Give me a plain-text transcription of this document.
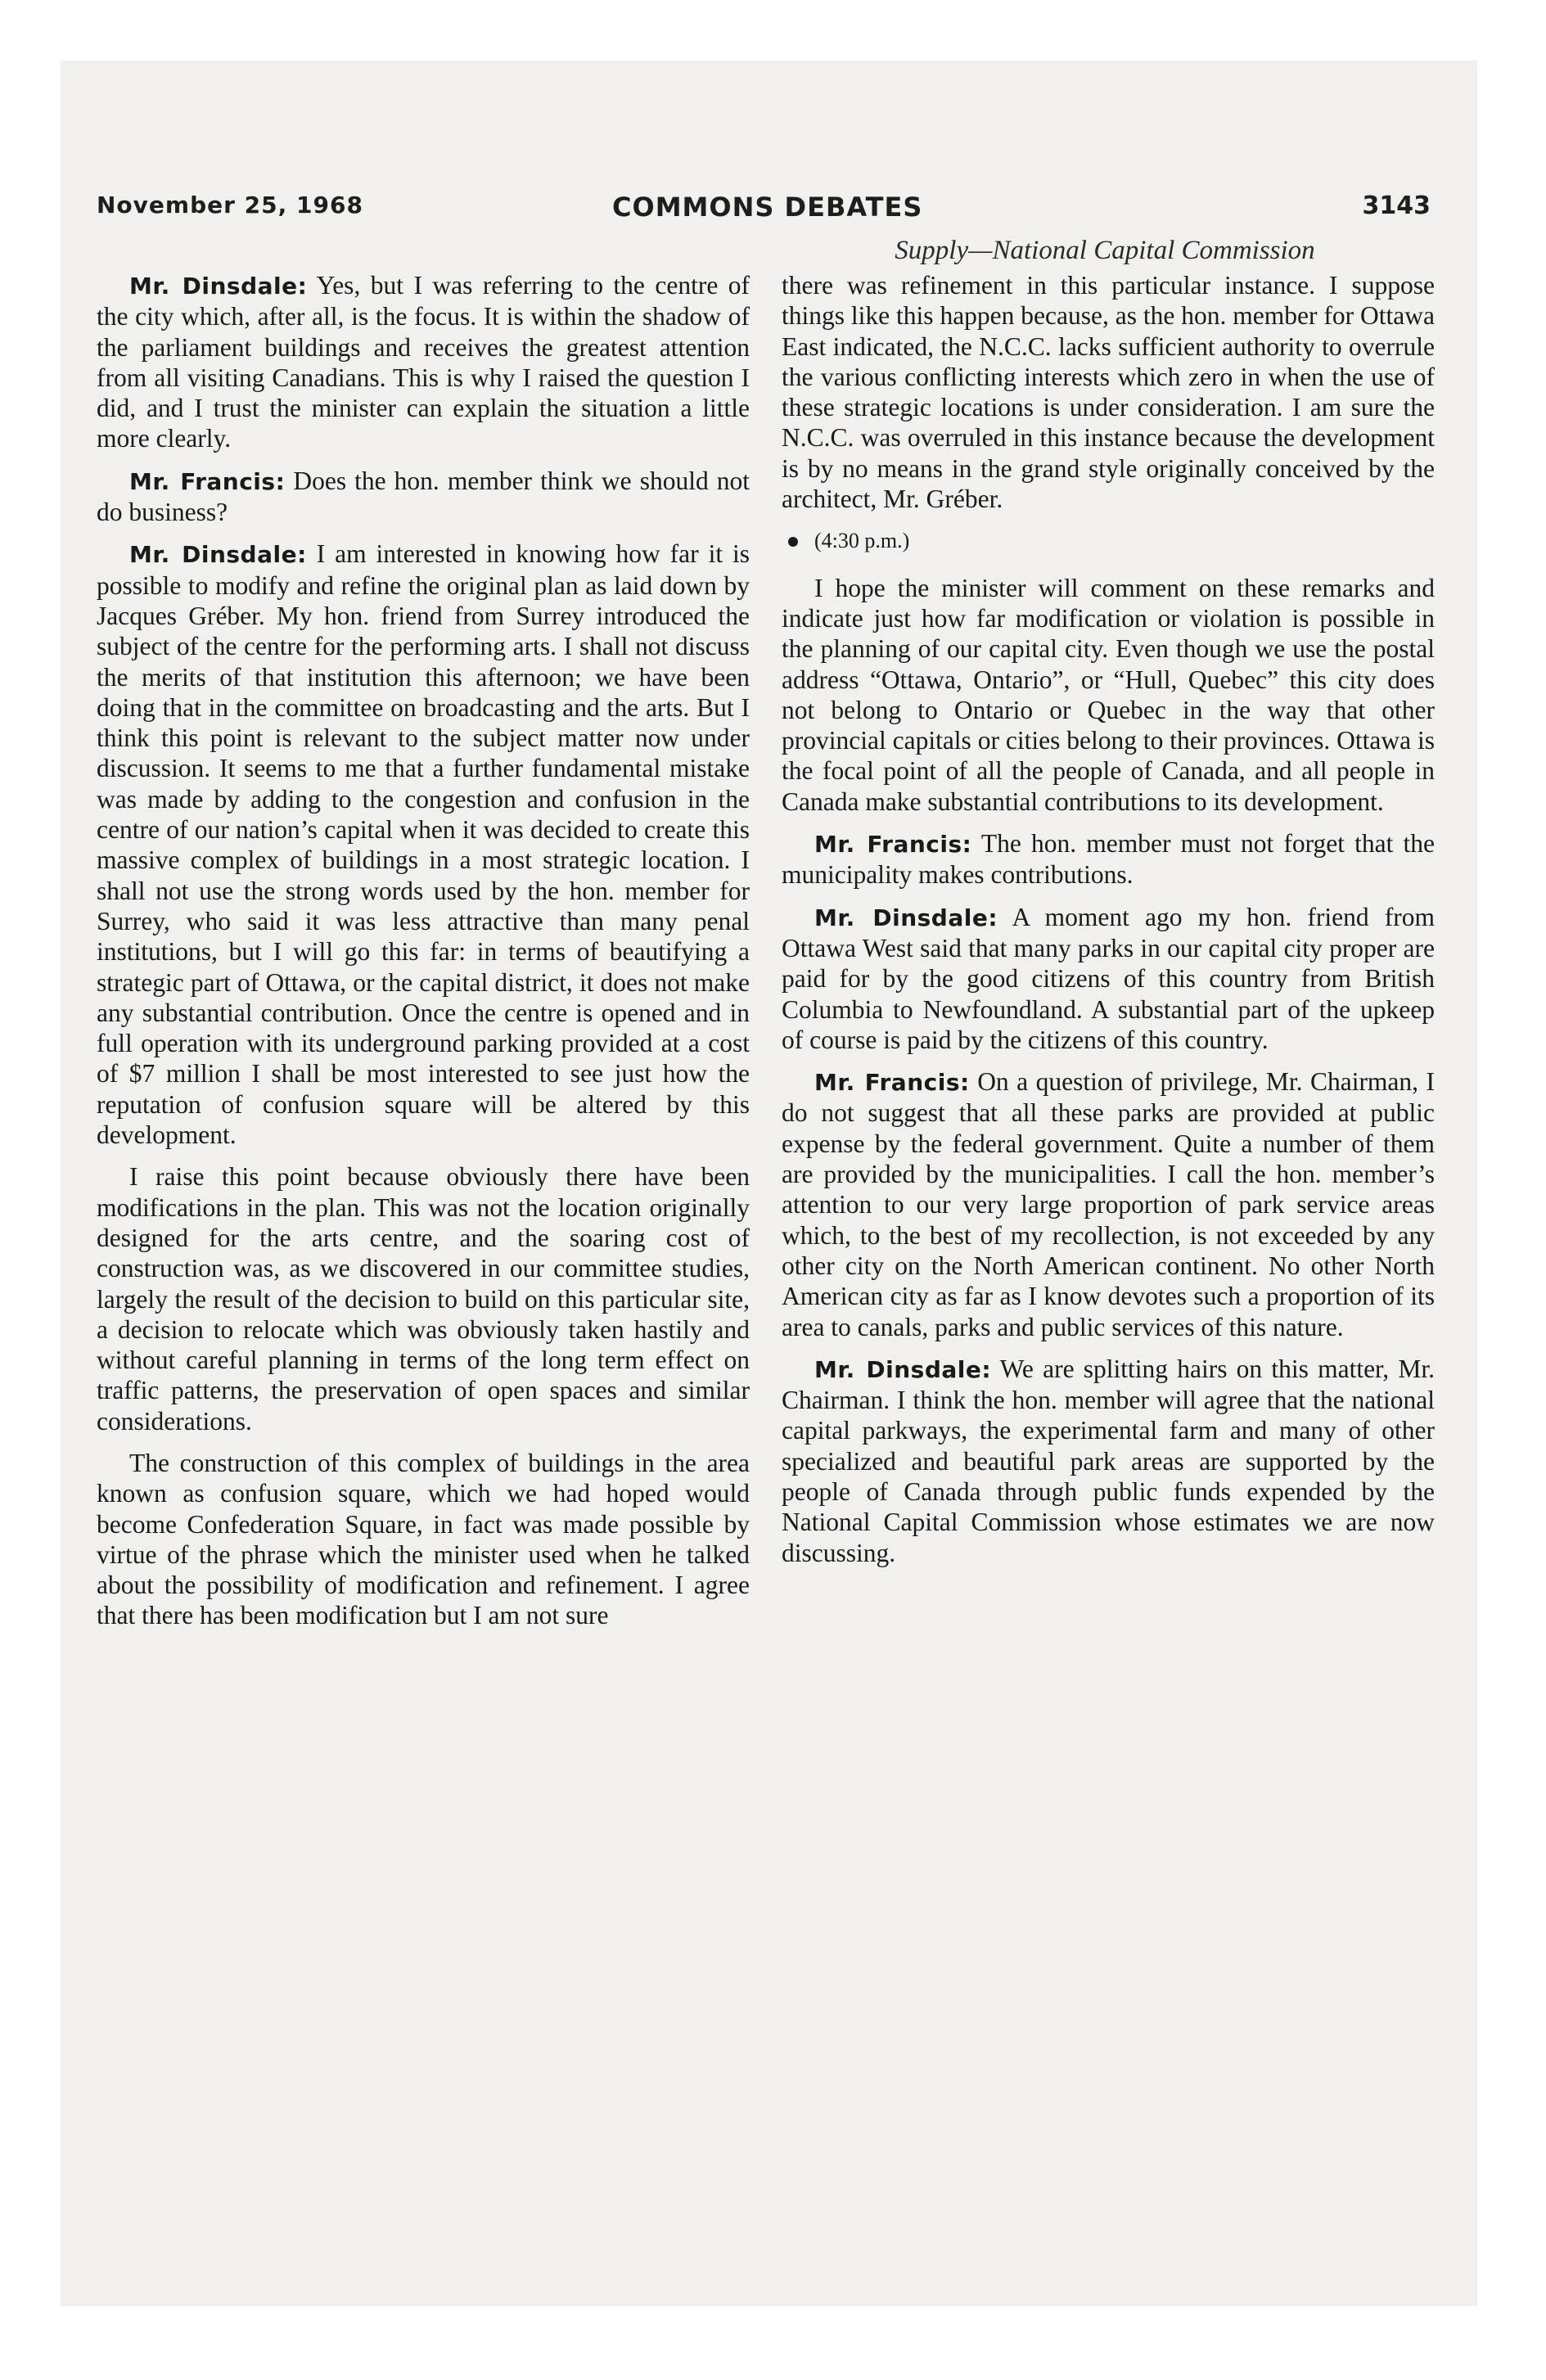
November 25, 1968	COMMONS DEBATES	3143
Supply—National Capital Commission

Mr. Dinsdale: Yes, but I was referring to the centre of the city which, after all, is the focus. It is within the shadow of the parliament buildings and receives the greatest attention from all visiting Canadians. This is why I raised the question I did, and I trust the minister can explain the situation a little more clearly.

Mr. Francis: Does the hon. member think we should not do business?

Mr. Dinsdale: I am interested in knowing how far it is possible to modify and refine the original plan as laid down by Jacques Gréber. My hon. friend from Surrey introduced the subject of the centre for the performing arts. I shall not discuss the merits of that institution this afternoon; we have been doing that in the committee on broadcasting and the arts. But I think this point is relevant to the subject matter now under discussion. It seems to me that a further fundamental mistake was made by adding to the congestion and confusion in the centre of our nation’s capital when it was decided to create this massive complex of buildings in a most strategic location. I shall not use the strong words used by the hon. member for Surrey, who said it was less attractive than many penal institutions, but I will go this far: in terms of beautifying a strategic part of Ottawa, or the capital district, it does not make any substantial contribution. Once the centre is opened and in full operation with its underground parking provided at a cost of $7 million I shall be most interested to see just how the reputation of confusion square will be altered by this development.

I raise this point because obviously there have been modifications in the plan. This was not the location originally designed for the arts centre, and the soaring cost of construction was, as we discovered in our committee studies, largely the result of the decision to build on this particular site, a decision to relocate which was obviously taken hastily and without careful planning in terms of the long term effect on traffic patterns, the preservation of open spaces and similar considerations.

The construction of this complex of buildings in the area known as confusion square, which we had hoped would become Confederation Square, in fact was made possible by virtue of the phrase which the minister used when he talked about the possibility of modification and refinement. I agree that there has been modification but I am not sure

there was refinement in this particular instance. I suppose things like this happen because, as the hon. member for Ottawa East indicated, the N.C.C. lacks sufficient authority to overrule the various conflicting interests which zero in when the use of these strategic locations is under consideration. I am sure the N.C.C. was overruled in this instance because the development is by no means in the grand style originally conceived by the architect, Mr. Gréber.

(4:30 p.m.)

I hope the minister will comment on these remarks and indicate just how far modification or violation is possible in the planning of our capital city. Even though we use the postal address “Ottawa, Ontario”, or “Hull, Quebec” this city does not belong to Ontario or Quebec in the way that other provincial capitals or cities belong to their provinces. Ottawa is the focal point of all the people of Canada, and all people in Canada make substantial contributions to its development.

Mr. Francis: The hon. member must not forget that the municipality makes contributions.

Mr. Dinsdale: A moment ago my hon. friend from Ottawa West said that many parks in our capital city proper are paid for by the good citizens of this country from British Columbia to Newfoundland. A substantial part of the upkeep of course is paid by the citizens of this country.

Mr. Francis: On a question of privilege, Mr. Chairman, I do not suggest that all these parks are provided at public expense by the federal government. Quite a number of them are provided by the municipalities. I call the hon. member’s attention to our very large proportion of park service areas which, to the best of my recollection, is not exceeded by any other city on the North American continent. No other North American city as far as I know devotes such a proportion of its area to canals, parks and public services of this nature.

Mr. Dinsdale: We are splitting hairs on this matter, Mr. Chairman. I think the hon. member will agree that the national capital parkways, the experimental farm and many of other specialized and beautiful park areas are supported by the people of Canada through public funds expended by the National Capital Commission whose estimates we are now discussing.
